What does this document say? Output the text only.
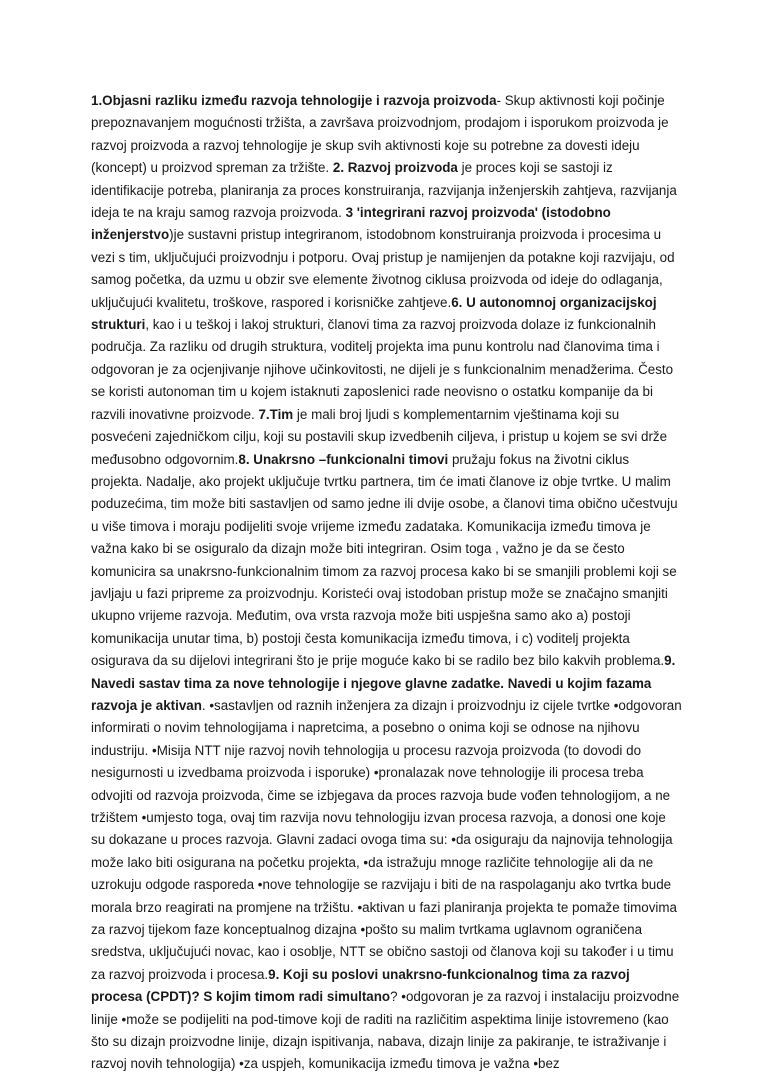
1.Objasni razliku između razvoja tehnologije i razvoja proizvoda- Skup aktivnosti koji počinje prepoznavanjem mogućnosti tržišta, a završava proizvodnjom, prodajom i isporukom proizvoda je razvoj proizvoda a razvoj tehnologije je skup svih aktivnosti koje su potrebne za dovesti ideju (koncept) u proizvod spreman za tržište. 2. Razvoj proizvoda je proces koji se sastoji iz identifikacije potreba, planiranja za proces konstruiranja, razvijanja inženjerskih zahtjeva, razvijanja ideja te na kraju samog razvoja proizvoda. 3 'integrirani razvoj proizvoda' (istodobno inženjerstvo)je sustavni pristup integriranom, istodobnom konstruiranja proizvoda i procesima u vezi s tim, uključujući proizvodnju i potporu. Ovaj pristup je namijenjen da potakne koji razvijaju, od samog početka, da uzmu u obzir sve elemente životnog ciklusa proizvoda od ideje do odlaganja, uključujući kvalitetu, troškove, raspored i korisničke zahtjeve.6. U autonomnoj organizacijskoj strukturi, kao i u teškoj i lakoj strukturi, članovi tima za razvoj proizvoda dolaze iz funkcionalnih područja. Za razliku od drugih struktura, voditelj projekta ima punu kontrolu nad članovima tima i odgovoran je za ocjenjivanje njihove učinkovitosti, ne dijeli je s funkcionalnim menadžerima. Često se koristi autonoman tim u kojem istaknuti zaposlenici rade neovisno o ostatku kompanije da bi razvili inovativne proizvode. 7.Tim je mali broj ljudi s komplementarnim vještinama koji su posvećeni zajedničkom cilju, koji su postavili skup izvedbenih ciljeva, i pristup u kojem se svi drže međusobno odgovornim.8. Unakrsno –funkcionalni timovi pružaju fokus na životni ciklus projekta. Nadalje, ako projekt uključuje tvrtku partnera, tim će imati članove iz obje tvrtke. U malim poduzećima, tim može biti sastavljen od samo jedne ili dvije osobe, a članovi tima obično učestvuju u više timova i moraju podijeliti svoje vrijeme između zadataka. Komunikacija između timova je važna kako bi se osiguralo da dizajn može biti integriran. Osim toga , važno je da se često komunicira sa unakrsno-funkcionalnim timom za razvoj procesa kako bi se smanjili problemi koji se javljaju u fazi pripreme za proizvodnju. Koristeći ovaj istodoban pristup može se značajno smanjiti ukupno vrijeme razvoja. Međutim, ova vrsta razvoja može biti uspješna samo ako a) postoji komunikacija unutar tima, b) postoji česta komunikacija između timova, i c) voditelj projekta osigurava da su dijelovi integrirani što je prije moguće kako bi se radilo bez bilo kakvih problema.9. Navedi sastav tima za nove tehnologije i njegove glavne zadatke. Navedi u kojim fazama razvoja je aktivan. •sastavljen od raznih inženjera za dizajn i proizvodnju iz cijele tvrtke •odgovoran informirati o novim tehnologijama i napretcima, a posebno o onima koji se odnose na njihovu industriju. •Misija NTT nije razvoj novih tehnologija u procesu razvoja proizvoda (to dovodi do nesigurnosti u izvedbama proizvoda i isporuke) •pronalazak nove tehnologije ili procesa treba odvojiti od razvoja proizvoda, čime se izbjegava da proces razvoja bude vođen tehnologijom, a ne tržištem •umjesto toga, ovaj tim razvija novu tehnologiju izvan procesa razvoja, a donosi one koje su dokazane u proces razvoja. Glavni zadaci ovoga tima su: •da osiguraju da najnovija tehnologija može lako biti osigurana na početku projekta, •da istražuju mnoge različite tehnologije ali da ne uzrokuju odgode rasporeda •nove tehnologije se razvijaju i biti de na raspolaganju ako tvrtka bude morala brzo reagirati na promjene na tržištu. •aktivan u fazi planiranja projekta te pomaže timovima za razvoj tijekom faze konceptualnog dizajna •pošto su malim tvrtkama uglavnom ograničena sredstva, uključujući novac, kao i osoblje, NTT se obično sastoji od članova koji su također i u timu za razvoj proizvoda i procesa.9. Koji su poslovi unakrsno-funkcionalnog tima za razvoj procesa (CPDT)? S kojim timom radi simultano? •odgovoran je za razvoj i instalaciju proizvodne linije •može se podijeliti na pod-timove koji de raditi na različitim aspektima linije istovremeno (kao što su dizajn proizvodne linije, dizajn ispitivanja, nabava, dizajn linije za pakiranje, te istraživanje i razvoj novih tehnologija) •za uspjeh, komunikacija između timova je važna •bez
